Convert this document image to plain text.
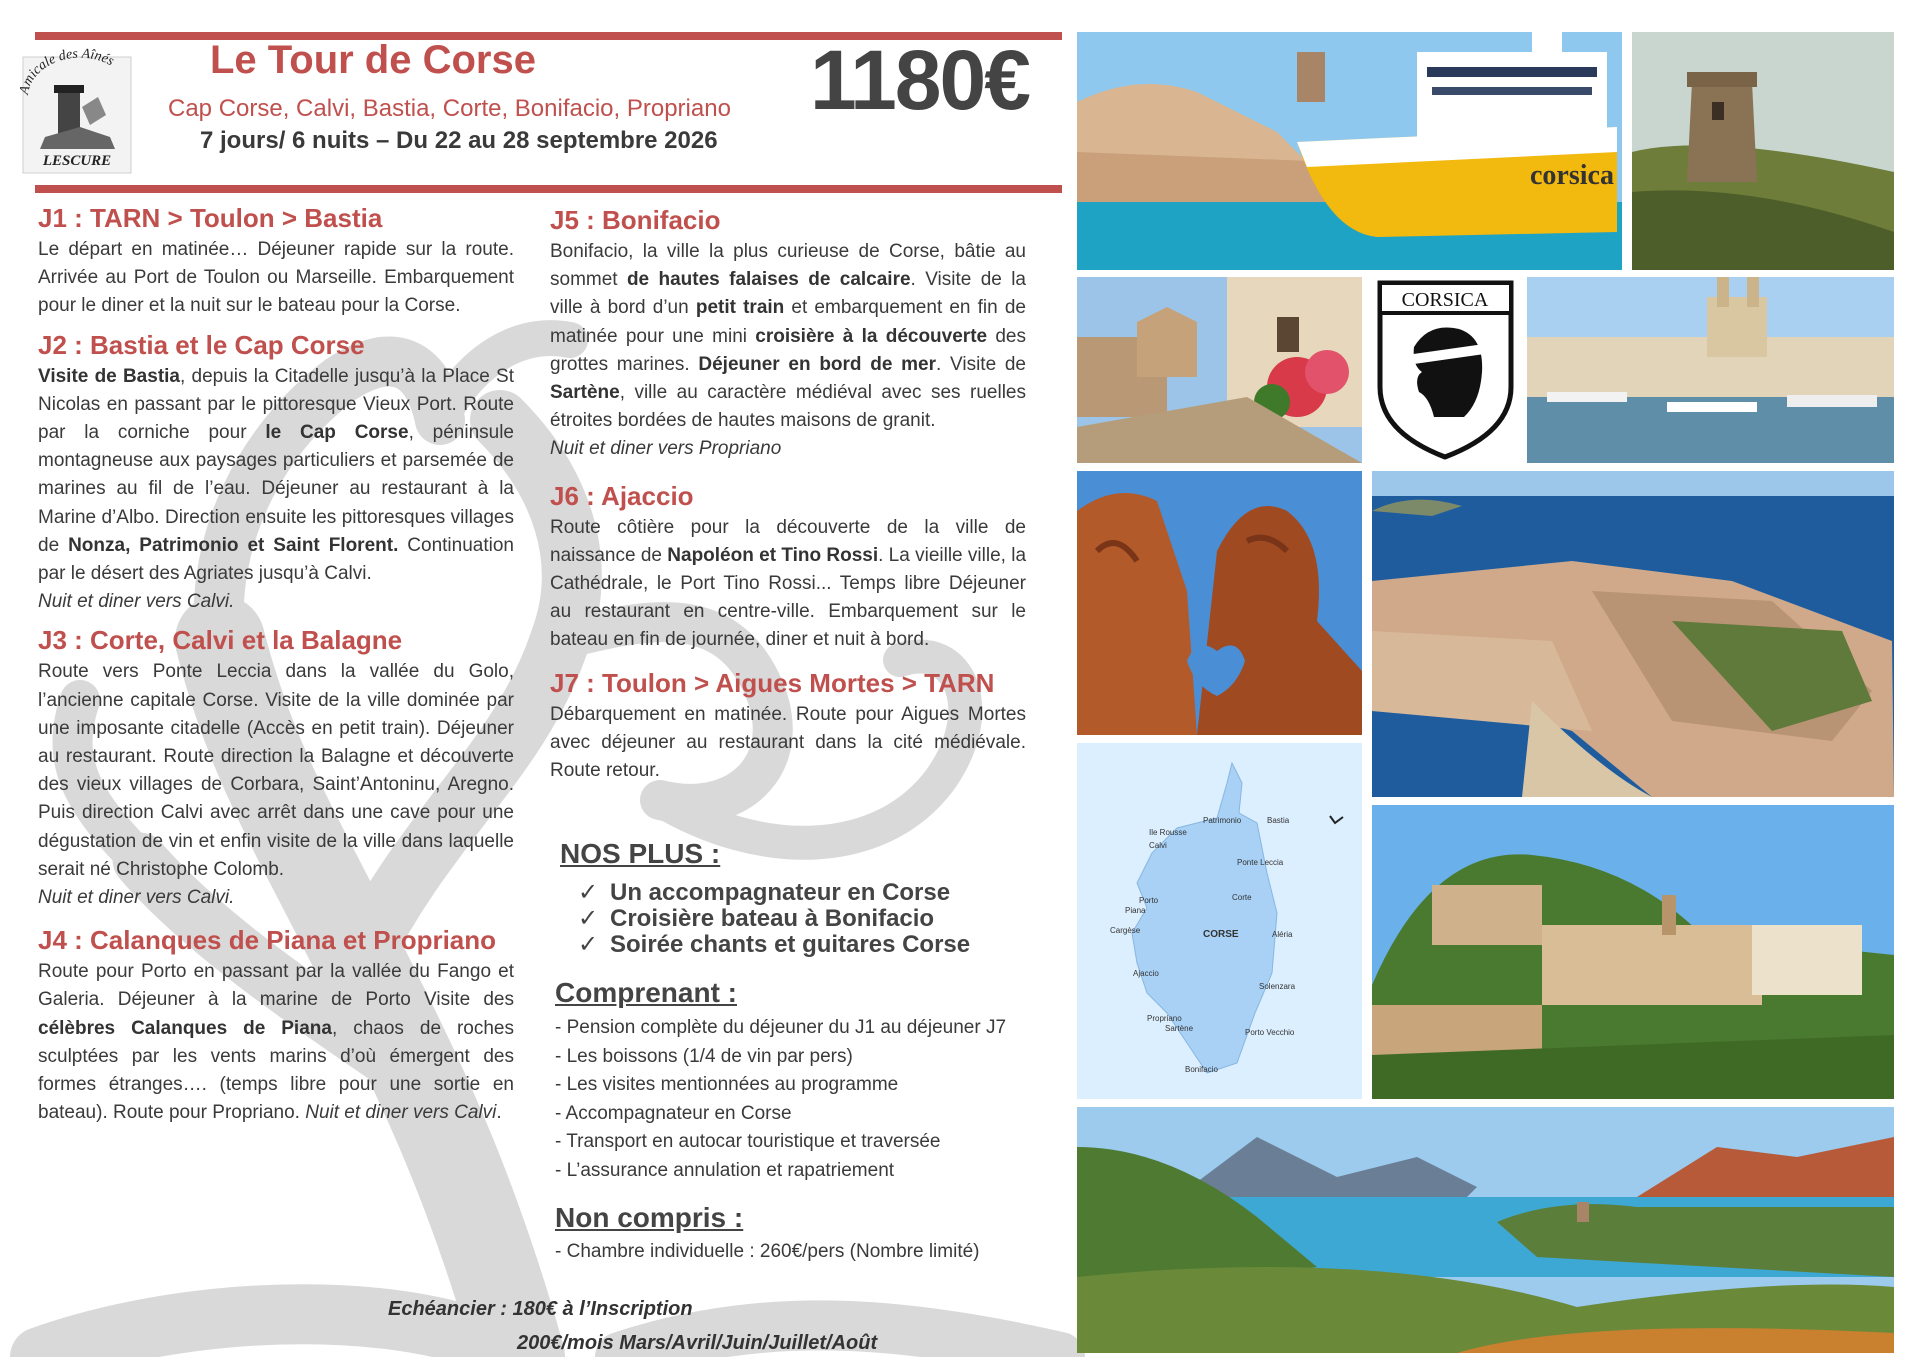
micale des Aînés
LESCURE
Le Tour de Corse
Cap Corse, Calvi, Bastia, Corte, Bonifacio, Propriano
7 jours/ 6 nuits – Du 22 au 28 septembre 2026
1180€
J1 : TARN > Toulon > Bastia

Le départ en matinée… Déjeuner rapide sur la route. Arrivée au Port de Toulon ou Marseille. Embarquement pour le diner et la nuit sur le bateau pour la Corse.

J2 : Bastia et le Cap Corse

Visite de Bastia, depuis la Citadelle jusqu’à la Place St Nicolas en passant par le pittoresque Vieux Port. Route par la corniche pour le Cap Corse, péninsule montagneuse aux paysages particuliers et parsemée de marines au fil de l’eau. Déjeuner au restaurant à la Marine d’Albo. Direction ensuite les pittoresques villages de Nonza, Patrimonio et Saint Florent. Continuation par le désert des Agriates jusqu’à Calvi.

Nuit et diner vers Calvi.

J3 : Corte, Calvi et la Balagne

Route vers Ponte Leccia dans la vallée du Golo, l’ancienne capitale Corse. Visite de la ville dominée par une imposante citadelle (Accès en petit train). Déjeuner au restaurant. Route direction la Balagne et découverte des vieux villages de Corbara, Saint’Antoninu, Aregno. Puis direction Calvi avec arrêt dans une cave pour une dégustation de vin et enfin visite de la ville dans laquelle serait né Christophe Colomb.

Nuit et diner vers Calvi.

J4 : Calanques de Piana et Propriano

Route pour Porto en passant par la vallée du Fango et Galeria. Déjeuner à la marine de Porto Visite des célèbres Calanques de Piana, chaos de roches sculptées par les vents marins d’où émergent des formes étranges…. (temps libre pour une sortie en bateau). Route pour Propriano. Nuit et diner vers Calvi.

J5 : Bonifacio

Bonifacio, la ville la plus curieuse de Corse, bâtie au sommet de hautes falaises de calcaire. Visite de la ville à bord d’un petit train et embarquement en fin de matinée pour une mini croisière à la découverte des grottes marines. Déjeuner en bord de mer. Visite de Sartène, ville au caractère médiéval avec ses ruelles étroites bordées de hautes maisons de granit.

Nuit et diner vers Propriano

J6 : Ajaccio

Route côtière pour la découverte de la ville de naissance de Napoléon et Tino Rossi. La vieille ville, la Cathédrale, le Port Tino Rossi... Temps libre Déjeuner au restaurant en centre-ville. Embarquement sur le bateau en fin de journée, diner et nuit à bord.

J7 : Toulon > Aigues Mortes > TARN

Débarquement en matinée. Route pour Aigues Mortes avec déjeuner au restaurant dans la cité médiévale. Route retour.

NOS PLUS :
✓ Un accompagnateur en Corse
✓ Croisière bateau à Bonifacio
✓ Soirée chants et guitares Corse
Comprenant :
- Pension complète du déjeuner du J1 au déjeuner J7
- Les boissons (1/4 de vin par pers)
- Les visites mentionnées au programme
- Accompagnateur en Corse
- Transport en autocar touristique et traversée
- L’assurance annulation et rapatriement
Non compris :
- Chambre individuelle : 260€/pers (Nombre limité)
Echéancier : 180€ à l’Inscription
200€/mois Mars/Avril/Juin/Juillet/Août
corsica
CORSICA
Patrimonio	Bastia
Ile Rousse
Calvi
Ponte Leccia
Corte
Porto
Piana
Cargèse	CORSE	Aléria
Ajaccio
Solenzara
Propriano
Sartène	Porto Vecchio
Bonifacio
